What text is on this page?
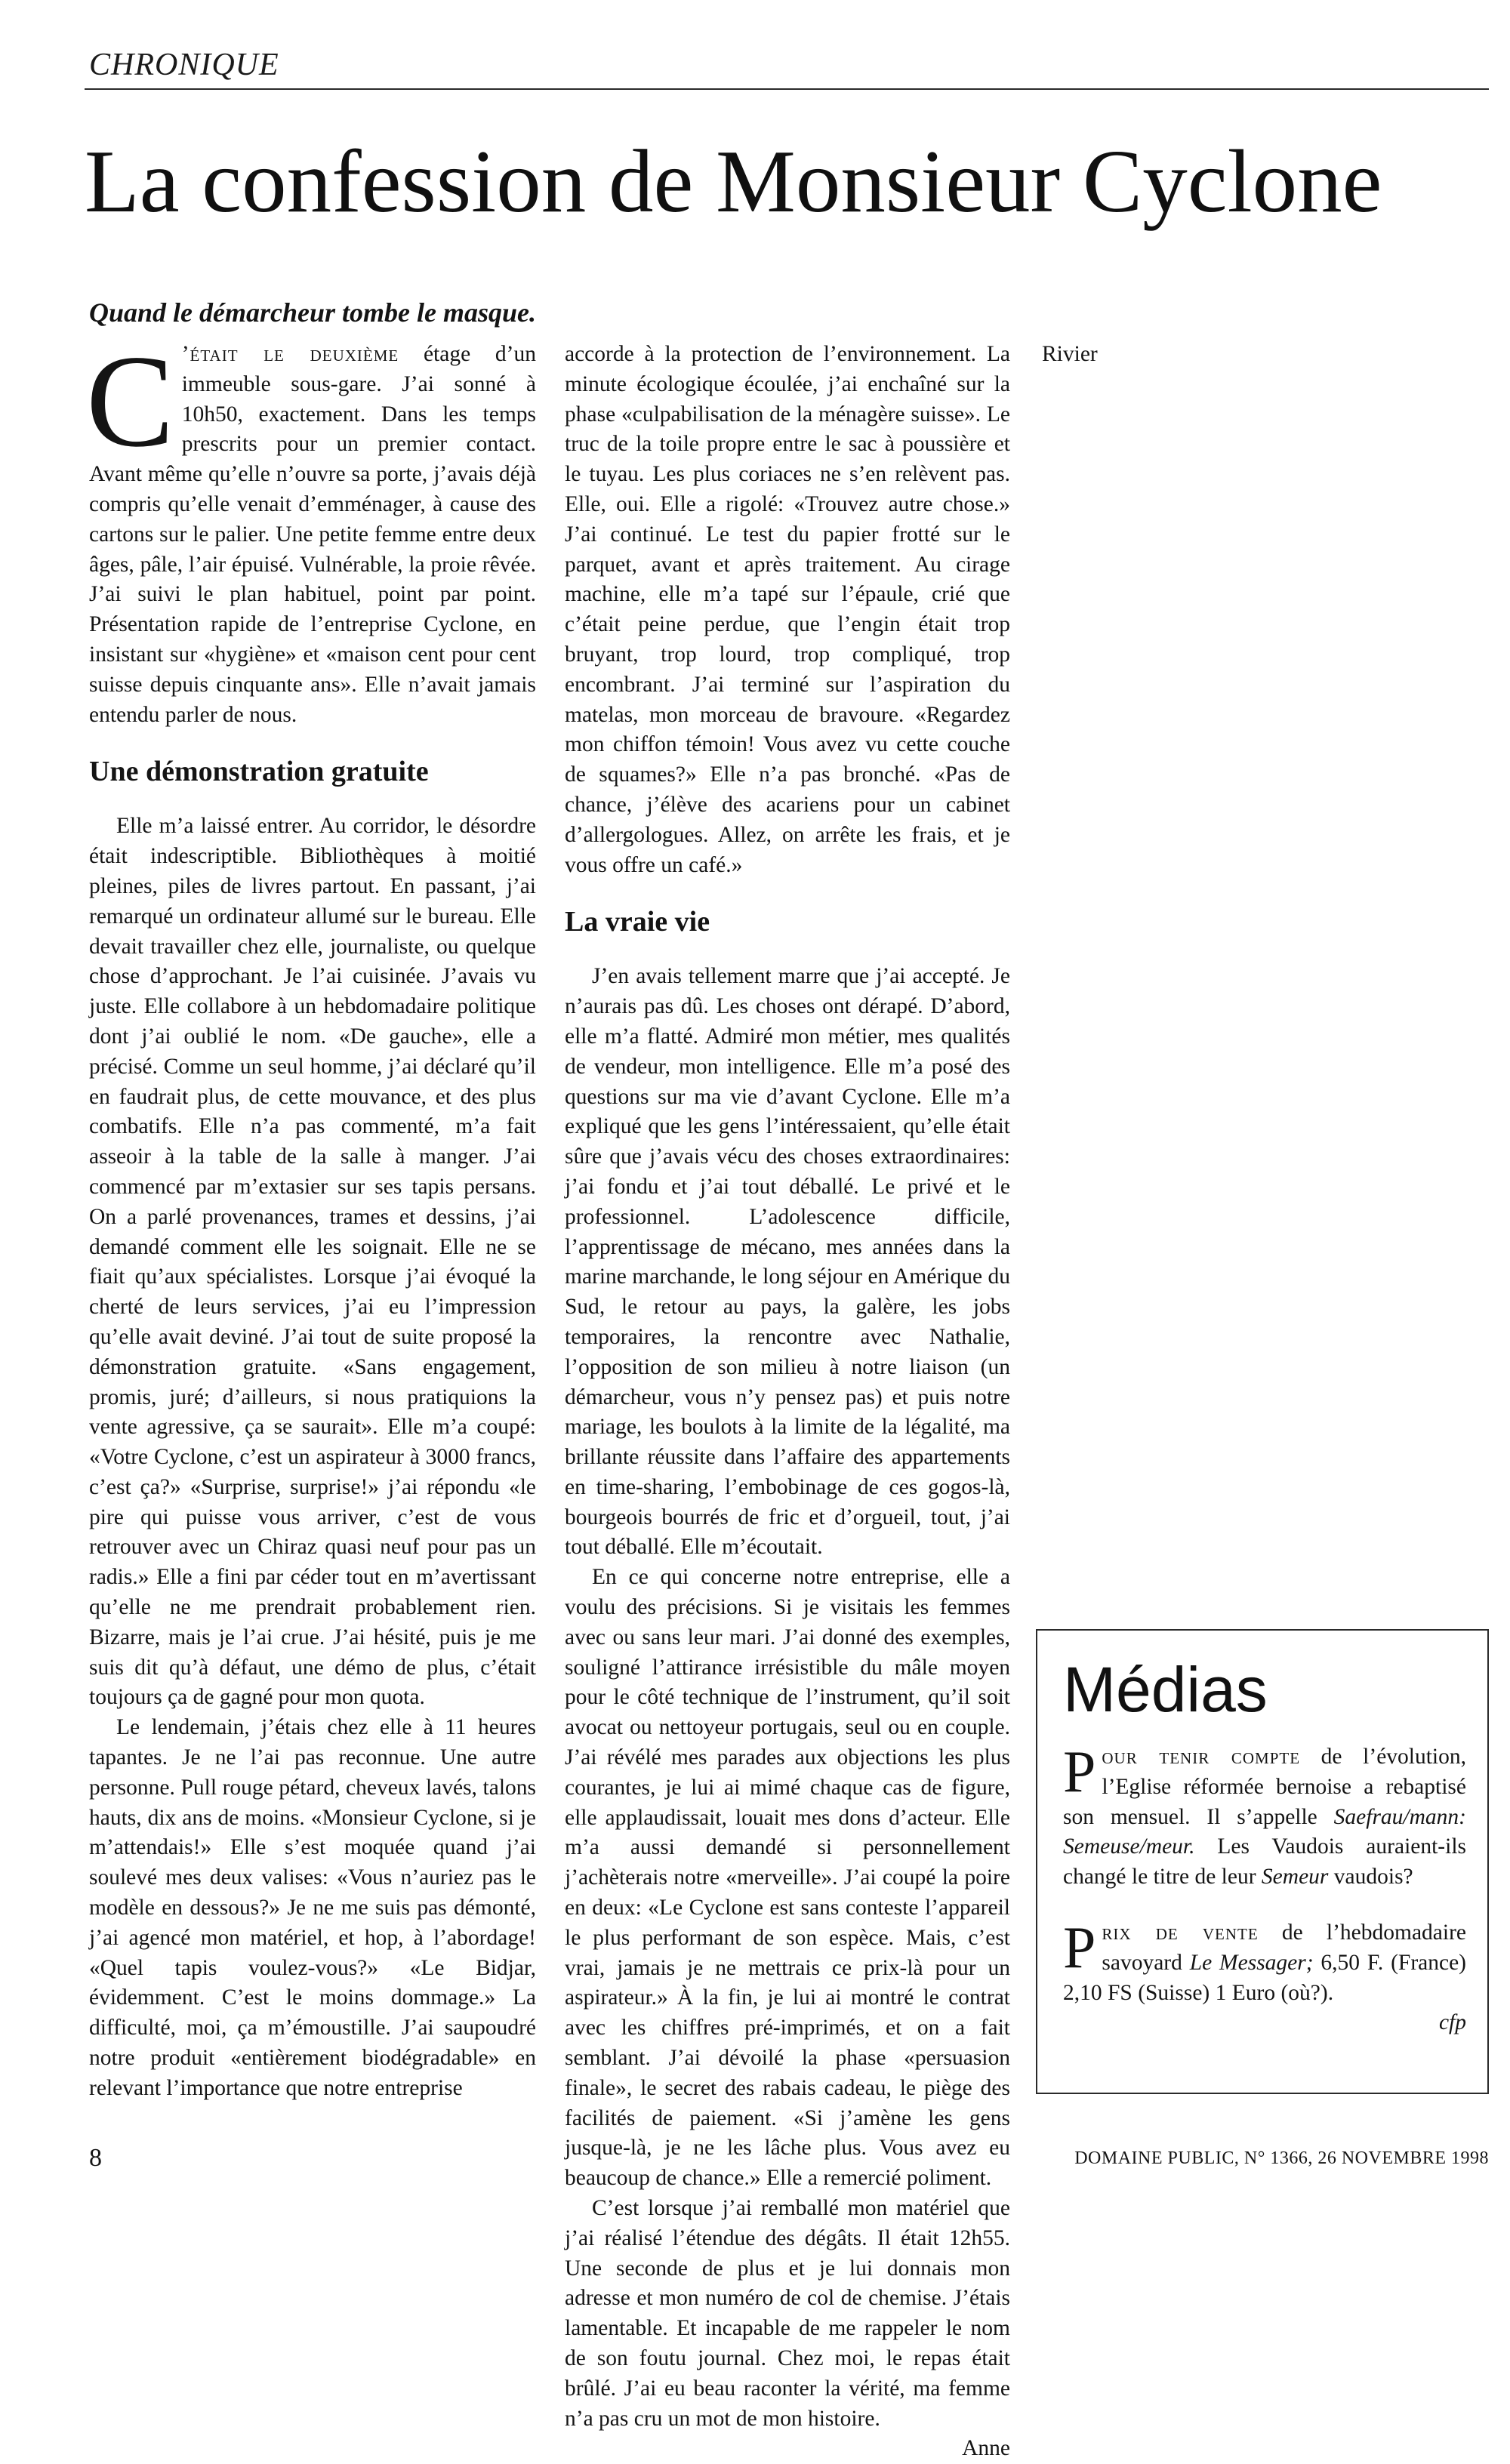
CHRONIQUE
La confession de Monsieur Cyclone
Quand le démarcheur tombe le masque.

C ’était le deuxième étage d’un immeuble sous-gare. J’ai sonné à 10h50, exactement. Dans les temps prescrits pour un premier contact. Avant même qu’elle n’ouvre sa porte, j’avais déjà compris qu’elle venait d’emménager, à cause des cartons sur le palier. Une petite femme entre deux âges, pâle, l’air épuisé. Vulnérable, la proie rêvée. J’ai suivi le plan habituel, point par point. Présentation rapide de l’entreprise Cyclone, en insistant sur «hygiène» et «maison cent pour cent suisse depuis cinquante ans». Elle n’avait jamais entendu parler de nous.

Une démonstration gratuite

Elle m’a laissé entrer. Au corridor, le désordre était indescriptible. Bibliothèques à moitié pleines, piles de livres partout. En passant, j’ai remarqué un ordinateur allumé sur le bureau. Elle devait travailler chez elle, journaliste, ou quelque chose d’approchant. Je l’ai cuisinée. J’avais vu juste. Elle collabore à un hebdomadaire politique dont j’ai oublié le nom. «De gauche», elle a précisé. Comme un seul homme, j’ai déclaré qu’il en faudrait plus, de cette mouvance, et des plus combatifs. Elle n’a pas commenté, m’a fait asseoir à la table de la salle à manger. J’ai commencé par m’extasier sur ses tapis persans. On a parlé provenances, trames et dessins, j’ai demandé comment elle les soignait. Elle ne se fiait qu’aux spécialistes. Lorsque j’ai évoqué la cherté de leurs services, j’ai eu l’impression qu’elle avait deviné. J’ai tout de suite proposé la démonstration gratuite. «Sans engagement, promis, juré; d’ailleurs, si nous pratiquions la vente agressive, ça se saurait». Elle m’a coupé: «Votre Cyclone, c’est un aspirateur à 3000 francs, c’est ça?» «Surprise, surprise!» j’ai répondu «le pire qui puisse vous arriver, c’est de vous retrouver avec un Chiraz quasi neuf pour pas un radis.» Elle a fini par céder tout en m’avertissant qu’elle ne me prendrait probablement rien. Bizarre, mais je l’ai crue. J’ai hésité, puis je me suis dit qu’à défaut, une démo de plus, c’était toujours ça de gagné pour mon quota.

Le lendemain, j’étais chez elle à 11 heures tapantes. Je ne l’ai pas reconnue. Une autre personne. Pull rouge pétard, cheveux lavés, talons hauts, dix ans de moins. «Monsieur Cyclone, si je m’attendais!» Elle s’est moquée quand j’ai soulevé mes deux valises: «Vous n’auriez pas le modèle en dessous?» Je ne me suis pas démonté, j’ai agencé mon matériel, et hop, à l’abordage! «Quel tapis voulez-vous?» «Le Bidjar, évidemment. C’est le moins dommage.» La difficulté, moi, ça m’émoustille. J’ai saupoudré notre produit «entièrement biodégradable» en relevant l’importance que notre entreprise

accorde à la protection de l’environnement. La minute écologique écoulée, j’ai enchaîné sur la phase «culpabilisation de la ménagère suisse». Le truc de la toile propre entre le sac à poussière et le tuyau. Les plus coriaces ne s’en relèvent pas. Elle, oui. Elle a rigolé: «Trouvez autre chose.» J’ai continué. Le test du papier frotté sur le parquet, avant et après traitement. Au cirage machine, elle m’a tapé sur l’épaule, crié que c’était peine perdue, que l’engin était trop bruyant, trop lourd, trop compliqué, trop encombrant. J’ai terminé sur l’aspiration du matelas, mon morceau de bravoure. «Regardez mon chiffon témoin! Vous avez vu cette couche de squames?» Elle n’a pas bronché. «Pas de chance, j’élève des acariens pour un cabinet d’allergologues. Allez, on arrête les frais, et je vous offre un café.»

La vraie vie

J’en avais tellement marre que j’ai accepté. Je n’aurais pas dû. Les choses ont dérapé. D’abord, elle m’a flatté. Admiré mon métier, mes qualités de vendeur, mon intelligence. Elle m’a posé des questions sur ma vie d’avant Cyclone. Elle m’a expliqué que les gens l’intéressaient, qu’elle était sûre que j’avais vécu des choses extraordinaires: j’ai fondu et j’ai tout déballé. Le privé et le professionnel. L’adolescence difficile, l’apprentissage de mécano, mes années dans la marine marchande, le long séjour en Amérique du Sud, le retour au pays, la galère, les jobs temporaires, la rencontre avec Nathalie, l’opposition de son milieu à notre liaison (un démarcheur, vous n’y pensez pas) et puis notre mariage, les boulots à la limite de la légalité, ma brillante réussite dans l’affaire des appartements en time-sharing, l’embobinage de ces gogos-là, bourgeois bourrés de fric et d’orgueil, tout, j’ai tout déballé. Elle m’écoutait.

En ce qui concerne notre entreprise, elle a voulu des précisions. Si je visitais les femmes avec ou sans leur mari. J’ai donné des exemples, souligné l’attirance irrésistible du mâle moyen pour le côté technique de l’instrument, qu’il soit avocat ou nettoyeur portugais, seul ou en couple. J’ai révélé mes parades aux objections les plus courantes, je lui ai mimé chaque cas de figure, elle applaudissait, louait mes dons d’acteur. Elle m’a aussi demandé si personnellement j’achèterais notre «merveille». J’ai coupé la poire en deux: «Le Cyclone est sans conteste l’appareil le plus performant de son espèce. Mais, c’est vrai, jamais je ne mettrais ce prix-là pour un aspirateur.» À la fin, je lui ai montré le contrat avec les chiffres pré-imprimés, et on a fait semblant. J’ai dévoilé la phase «persuasion finale», le secret des rabais cadeau, le piège des facilités de paiement. «Si j’amène les gens jusque-là, je ne les lâche plus. Vous avez eu beaucoup de chance.» Elle a remercié poliment.

C’est lorsque j’ai remballé mon matériel que j’ai réalisé l’étendue des dégâts. Il était 12h55. Une seconde de plus et je lui donnais mon adresse et mon numéro de col de chemise. J’étais lamentable. Et incapable de me rappeler le nom de son foutu journal. Chez moi, le repas était brûlé. J’ai eu beau raconter la vérité, ma femme n’a pas cru un mot de mon histoire.

Anne

Rivier

Médias

Pour tenir compte de l’évolution, l’Eglise réformée bernoise a rebaptisé son mensuel. Il s’appelle Saefrau/mann: Semeuse/meur. Les Vaudois auraient-ils changé le titre de leur Semeur vaudois?

Prix de vente de l’hebdomadaire savoyard Le Messager; 6,50 F. (France) 2,10 FS (Suisse) 1 Euro (où?).

cfp
8	DOMAINE PUBLIC, N° 1366, 26 NOVEMBRE 1998
